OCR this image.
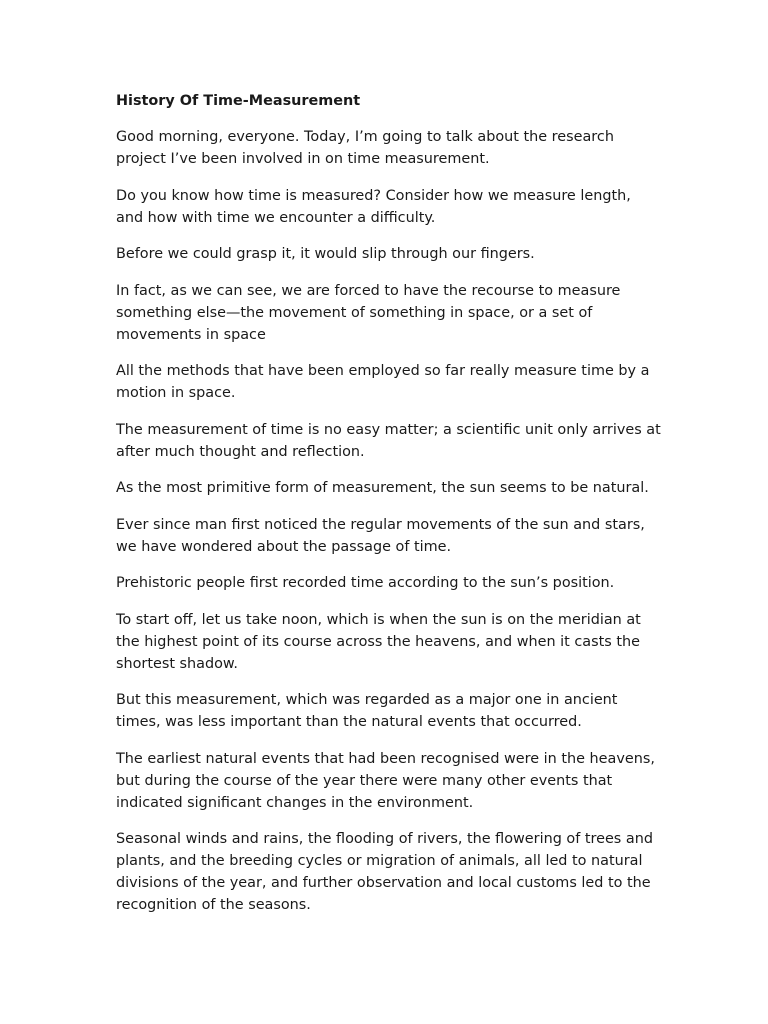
History Of Time-Measurement

Good morning, everyone. Today, I’m going to talk about the research project I’ve been involved in on time measurement.

Do you know how time is measured? Consider how we measure length, and how with time we encounter a difficulty.

Before we could grasp it, it would slip through our fingers.

In fact, as we can see, we are forced to have the recourse to measure something else—the movement of something in space, or a set of movements in space

All the methods that have been employed so far really measure time by a motion in space.

The measurement of time is no easy matter; a scientific unit only arrives at after much thought and reflection.

As the most primitive form of measurement, the sun seems to be natural.

Ever since man first noticed the regular movements of the sun and stars, we have wondered about the passage of time.

Prehistoric people first recorded time according to the sun’s position.

To start off, let us take noon, which is when the sun is on the meridian at the highest point of its course across the heavens, and when it casts the shortest shadow.

But this measurement, which was regarded as a major one in ancient times, was less important than the natural events that occurred.

The earliest natural events that had been recognised were in the heavens, but during the course of the year there were many other events that indicated significant changes in the environment.

Seasonal winds and rains, the flooding of rivers, the flowering of trees and plants, and the breeding cycles or migration of animals, all led to natural divisions of the year, and further observation and local customs led to the recognition of the seasons.
